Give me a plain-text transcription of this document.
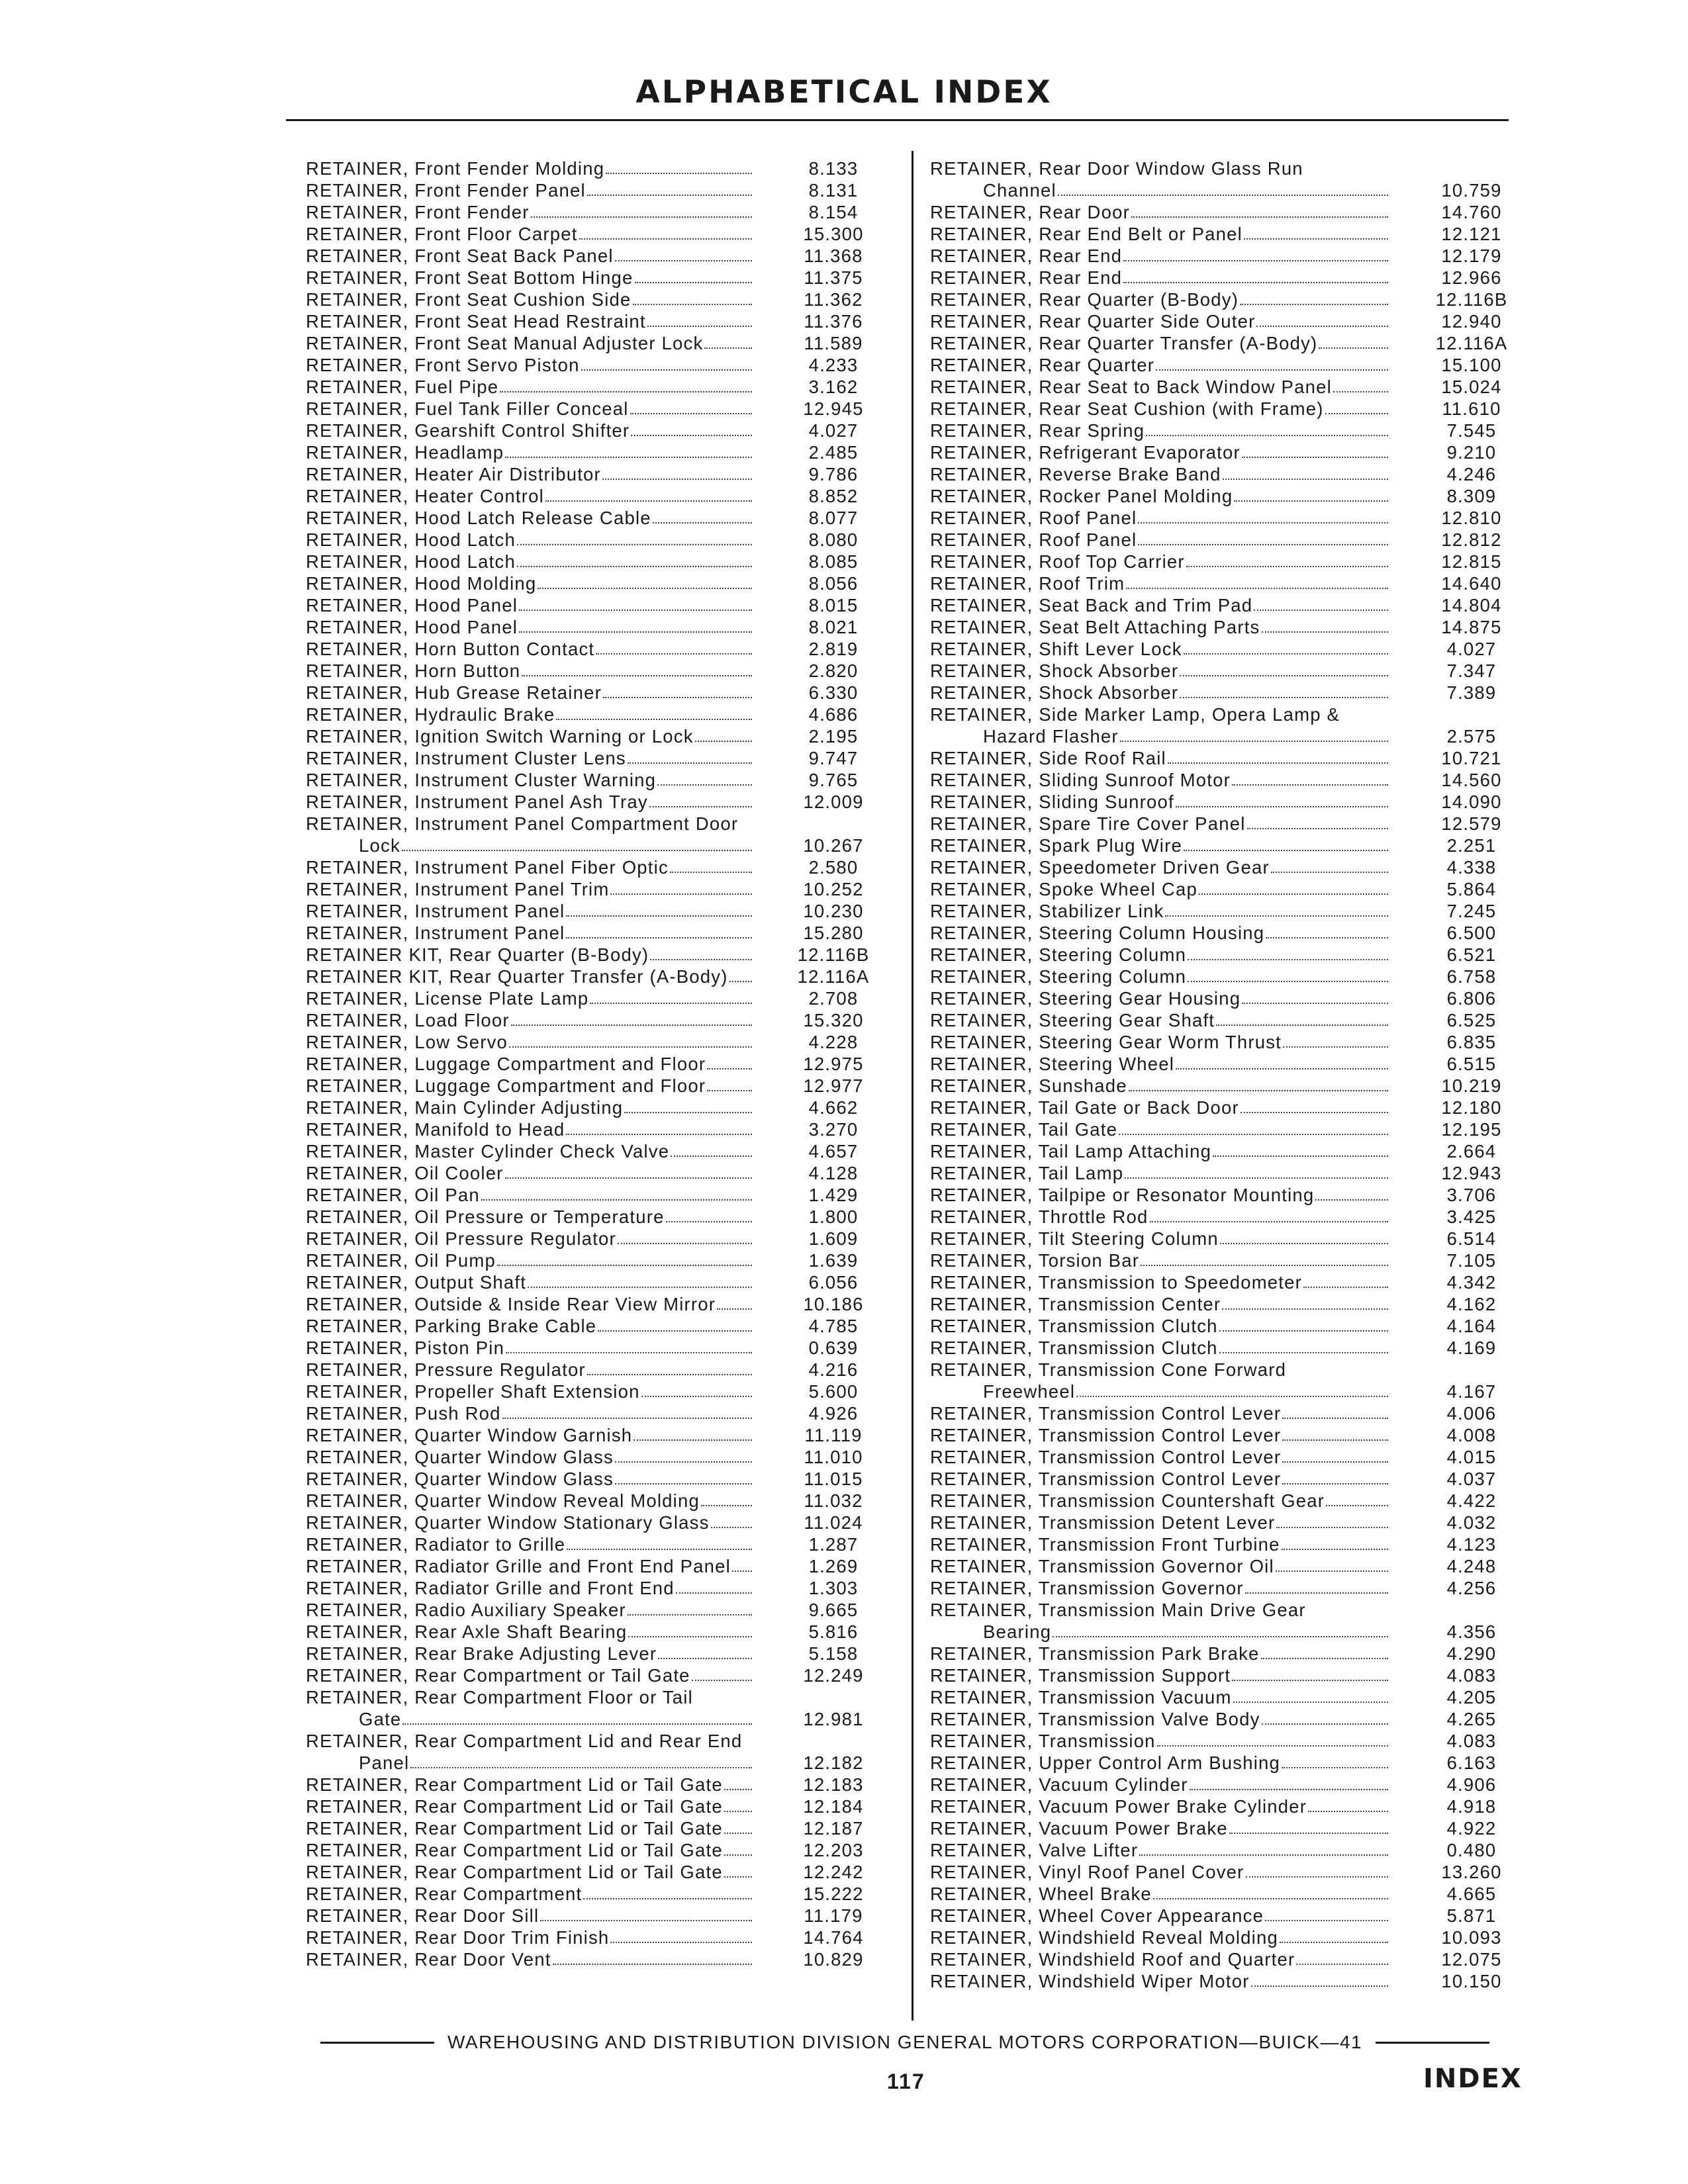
ALPHABETICAL INDEX
RETAINER, Front Fender Molding	8.133
RETAINER, Front Fender Panel	8.131
RETAINER, Front Fender	8.154
RETAINER, Front Floor Carpet	15.300
RETAINER, Front Seat Back Panel	11.368
RETAINER, Front Seat Bottom Hinge	11.375
RETAINER, Front Seat Cushion Side	11.362
RETAINER, Front Seat Head Restraint	11.376
RETAINER, Front Seat Manual Adjuster Lock	11.589
RETAINER, Front Servo Piston	4.233
RETAINER, Fuel Pipe	3.162
RETAINER, Fuel Tank Filler Conceal	12.945
RETAINER, Gearshift Control Shifter	4.027
RETAINER, Headlamp	2.485
RETAINER, Heater Air Distributor	9.786
RETAINER, Heater Control	8.852
RETAINER, Hood Latch Release Cable	8.077
RETAINER, Hood Latch	8.080
RETAINER, Hood Latch	8.085
RETAINER, Hood Molding	8.056
RETAINER, Hood Panel	8.015
RETAINER, Hood Panel	8.021
RETAINER, Horn Button Contact	2.819
RETAINER, Horn Button	2.820
RETAINER, Hub Grease Retainer	6.330
RETAINER, Hydraulic Brake	4.686
RETAINER, Ignition Switch Warning or Lock	2.195
RETAINER, Instrument Cluster Lens	9.747
RETAINER, Instrument Cluster Warning	9.765
RETAINER, Instrument Panel Ash Tray	12.009
RETAINER, Instrument Panel Compartment Door
Lock	10.267
RETAINER, Instrument Panel Fiber Optic	2.580
RETAINER, Instrument Panel Trim	10.252
RETAINER, Instrument Panel	10.230
RETAINER, Instrument Panel	15.280
RETAINER KIT, Rear Quarter (B-Body)	12.116B
RETAINER KIT, Rear Quarter Transfer (A-Body)	12.116A
RETAINER, License Plate Lamp	2.708
RETAINER, Load Floor	15.320
RETAINER, Low Servo	4.228
RETAINER, Luggage Compartment and Floor	12.975
RETAINER, Luggage Compartment and Floor	12.977
RETAINER, Main Cylinder Adjusting	4.662
RETAINER, Manifold to Head	3.270
RETAINER, Master Cylinder Check Valve	4.657
RETAINER, Oil Cooler	4.128
RETAINER, Oil Pan	1.429
RETAINER, Oil Pressure or Temperature	1.800
RETAINER, Oil Pressure Regulator	1.609
RETAINER, Oil Pump	1.639
RETAINER, Output Shaft	6.056
RETAINER, Outside & Inside Rear View Mirror	10.186
RETAINER, Parking Brake Cable	4.785
RETAINER, Piston Pin	0.639
RETAINER, Pressure Regulator	4.216
RETAINER, Propeller Shaft Extension	5.600
RETAINER, Push Rod	4.926
RETAINER, Quarter Window Garnish	11.119
RETAINER, Quarter Window Glass	11.010
RETAINER, Quarter Window Glass	11.015
RETAINER, Quarter Window Reveal Molding	11.032
RETAINER, Quarter Window Stationary Glass	11.024
RETAINER, Radiator to Grille	1.287
RETAINER, Radiator Grille and Front End Panel	1.269
RETAINER, Radiator Grille and Front End	1.303
RETAINER, Radio Auxiliary Speaker	9.665
RETAINER, Rear Axle Shaft Bearing	5.816
RETAINER, Rear Brake Adjusting Lever	5.158
RETAINER, Rear Compartment or Tail Gate	12.249
RETAINER, Rear Compartment Floor or Tail
Gate	12.981
RETAINER, Rear Compartment Lid and Rear End
Panel	12.182
RETAINER, Rear Compartment Lid or Tail Gate	12.183
RETAINER, Rear Compartment Lid or Tail Gate	12.184
RETAINER, Rear Compartment Lid or Tail Gate	12.187
RETAINER, Rear Compartment Lid or Tail Gate	12.203
RETAINER, Rear Compartment Lid or Tail Gate	12.242
RETAINER, Rear Compartment	15.222
RETAINER, Rear Door Sill	11.179
RETAINER, Rear Door Trim Finish	14.764
RETAINER, Rear Door Vent	10.829
RETAINER, Rear Door Window Glass Run
Channel	10.759
RETAINER, Rear Door	14.760
RETAINER, Rear End Belt or Panel	12.121
RETAINER, Rear End	12.179
RETAINER, Rear End	12.966
RETAINER, Rear Quarter (B-Body)	12.116B
RETAINER, Rear Quarter Side Outer	12.940
RETAINER, Rear Quarter Transfer (A-Body)	12.116A
RETAINER, Rear Quarter	15.100
RETAINER, Rear Seat to Back Window Panel	15.024
RETAINER, Rear Seat Cushion (with Frame)	11.610
RETAINER, Rear Spring	7.545
RETAINER, Refrigerant Evaporator	9.210
RETAINER, Reverse Brake Band	4.246
RETAINER, Rocker Panel Molding	8.309
RETAINER, Roof Panel	12.810
RETAINER, Roof Panel	12.812
RETAINER, Roof Top Carrier	12.815
RETAINER, Roof Trim	14.640
RETAINER, Seat Back and Trim Pad	14.804
RETAINER, Seat Belt Attaching Parts	14.875
RETAINER, Shift Lever Lock	4.027
RETAINER, Shock Absorber	7.347
RETAINER, Shock Absorber	7.389
RETAINER, Side Marker Lamp, Opera Lamp &
Hazard Flasher	2.575
RETAINER, Side Roof Rail	10.721
RETAINER, Sliding Sunroof Motor	14.560
RETAINER, Sliding Sunroof	14.090
RETAINER, Spare Tire Cover Panel	12.579
RETAINER, Spark Plug Wire	2.251
RETAINER, Speedometer Driven Gear	4.338
RETAINER, Spoke Wheel Cap	5.864
RETAINER, Stabilizer Link	7.245
RETAINER, Steering Column Housing	6.500
RETAINER, Steering Column	6.521
RETAINER, Steering Column	6.758
RETAINER, Steering Gear Housing	6.806
RETAINER, Steering Gear Shaft	6.525
RETAINER, Steering Gear Worm Thrust	6.835
RETAINER, Steering Wheel	6.515
RETAINER, Sunshade	10.219
RETAINER, Tail Gate or Back Door	12.180
RETAINER, Tail Gate	12.195
RETAINER, Tail Lamp Attaching	2.664
RETAINER, Tail Lamp	12.943
RETAINER, Tailpipe or Resonator Mounting	3.706
RETAINER, Throttle Rod	3.425
RETAINER, Tilt Steering Column	6.514
RETAINER, Torsion Bar	7.105
RETAINER, Transmission to Speedometer	4.342
RETAINER, Transmission Center	4.162
RETAINER, Transmission Clutch	4.164
RETAINER, Transmission Clutch	4.169
RETAINER, Transmission Cone Forward
Freewheel	4.167
RETAINER, Transmission Control Lever	4.006
RETAINER, Transmission Control Lever	4.008
RETAINER, Transmission Control Lever	4.015
RETAINER, Transmission Control Lever	4.037
RETAINER, Transmission Countershaft Gear	4.422
RETAINER, Transmission Detent Lever	4.032
RETAINER, Transmission Front Turbine	4.123
RETAINER, Transmission Governor Oil	4.248
RETAINER, Transmission Governor	4.256
RETAINER, Transmission Main Drive Gear
Bearing	4.356
RETAINER, Transmission Park Brake	4.290
RETAINER, Transmission Support	4.083
RETAINER, Transmission Vacuum	4.205
RETAINER, Transmission Valve Body	4.265
RETAINER, Transmission	4.083
RETAINER, Upper Control Arm Bushing	6.163
RETAINER, Vacuum Cylinder	4.906
RETAINER, Vacuum Power Brake Cylinder	4.918
RETAINER, Vacuum Power Brake	4.922
RETAINER, Valve Lifter	0.480
RETAINER, Vinyl Roof Panel Cover	13.260
RETAINER, Wheel Brake	4.665
RETAINER, Wheel Cover Appearance	5.871
RETAINER, Windshield Reveal Molding	10.093
RETAINER, Windshield Roof and Quarter	12.075
RETAINER, Windshield Wiper Motor	10.150
WAREHOUSING AND DISTRIBUTION DIVISION GENERAL MOTORS CORPORATION—BUICK—41
117	INDEX
